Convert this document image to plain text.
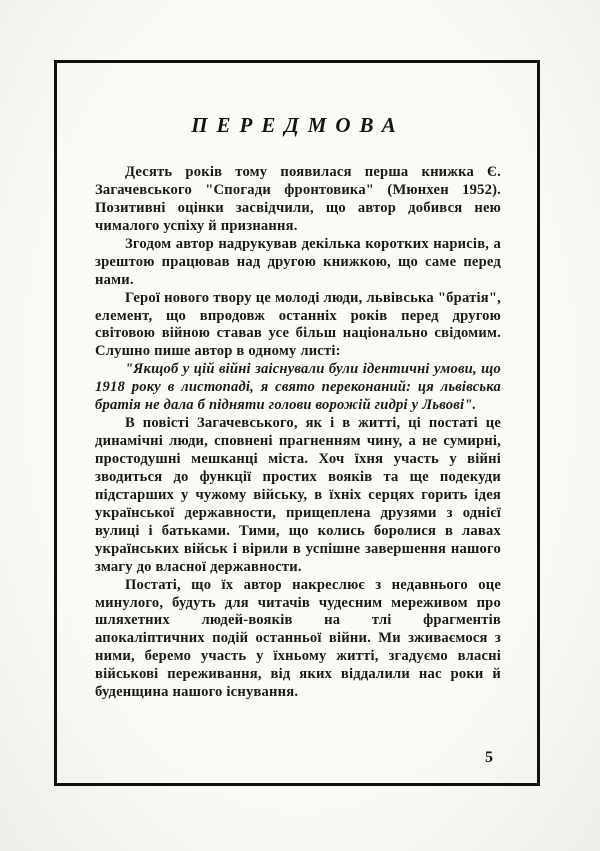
ПЕРЕДМОВА

Десять років тому появилася перша книжка Є. Загачевського "Спогади фронтовика" (Мюнхен 1952). Позитивні оцінки засвідчили, що автор добився нею чималого успіху й признання.

Згодом автор надрукував декілька коротких нарисів, а зрештою працював над другою книжкою, що саме перед нами.

Герої нового твору це молоді люди, львівська "братія", елемент, що впродовж останніх років перед другою світовою війною ставав усе більш національно свідомим. Слушно пише автор в одному листі:

"Якщоб у цій війні заіснували були ідентичні умови, що 1918 року в листопаді, я свято переконаний: ця львівська братія не дала б підняти голови ворожій гидрі у Львові".

В повісті Загачевського, як і в житті, ці постаті це динамічні люди, сповнені прагненням чину, а не сумирні, простодушні мешканці міста. Хоч їхня участь у війні зводиться до функції простих вояків та ще подекуди підстарших у чужому війську, в їхніх серцях горить ідея української державности, прищеплена друзями з однієї вулиці і батьками. Тими, що колись боролися в лавах українських військ і вірили в успішне завершення нашого змагу до власної державности.

Постаті, що їх автор накреслює з недавнього оце минулого, будуть для читачів чудесним мереживом про шляхетних людей-вояків на тлі фрагментів апокаліптичних подій останньої війни. Ми зживаємося з ними, беремо участь у їхньому житті, згадуємо власні військові переживання, від яких віддалили нас роки й буденщина нашого існування.

5
